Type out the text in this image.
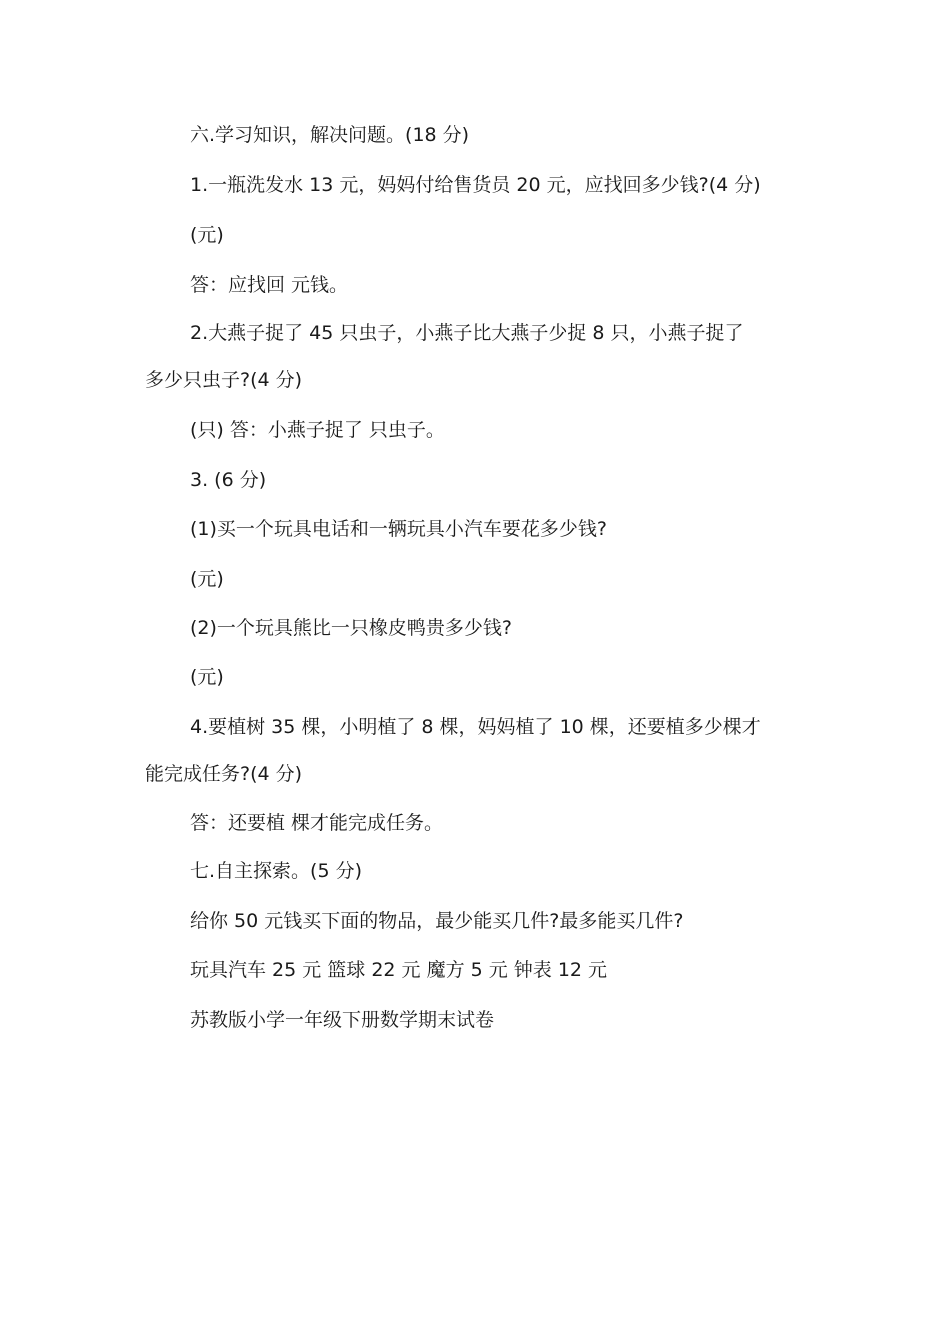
六.学习知识，解决问题。(18 分)
1.一瓶洗发水 13 元，妈妈付给售货员 20 元，应找回多少钱?(4 分)
(元)
答：应找回 元钱。
2.大燕子捉了 45 只虫子，小燕子比大燕子少捉 8 只，小燕子捉了
多少只虫子?(4 分)
(只) 答：小燕子捉了 只虫子。
3. (6 分)
(1)买一个玩具电话和一辆玩具小汽车要花多少钱?
(元)
(2)一个玩具熊比一只橡皮鸭贵多少钱?
(元)
4.要植树 35 棵，小明植了 8 棵，妈妈植了 10 棵，还要植多少棵才
能完成任务?(4 分)
答：还要植 棵才能完成任务。
七.自主探索。(5 分)
给你 50 元钱买下面的物品，最少能买几件?最多能买几件?
玩具汽车 25 元 篮球 22 元 魔方 5 元 钟表 12 元
苏教版小学一年级下册数学期末试卷
